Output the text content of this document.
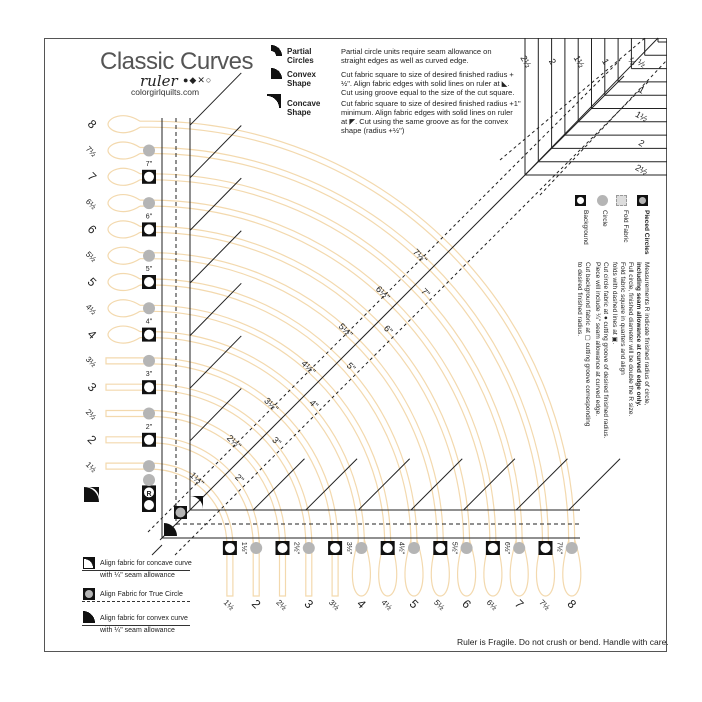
8
7½
7
6½
6
5½
5
4½
4
3½
3
2½
2
1½
1½ 2 2½ 3 3½ 4 4½ 5 5½ 6 6½ 7 7½ 8
7"
6"
5"
4"
3"
2"
R
1½"	2½"	3½"	4½"	5½"	6½"	7½"
1½"
2½"
3½"
4½"
5½"
6½"
7½"
2"
3"
4"
5"
6"
7"
2½ 2 1½ 1 ½
½
1
1½
2
2½
Classic Curves
ruler ●◆✕○
colorgirlquilts.com
Partial Circles
Partial circle units require seam allowance on straight edges as well as curved edge.
Convex Shape
Cut fabric square to size of desired finished radius + ½". Align fabric edges with solid lines on ruler at ◣. Cut using groove equal to the size of the cut square.
Concave Shape
Cut fabric square to size of desired finished radius +1" minimum. Align fabric edges with solid lines on ruler at ◤. Cut using the same groove as for the convex shape (radius +½")
Pieced Circles
Fold Fabric
Circle
Background
Measurements R indicate finished radius of circle,
including seam allowance at curved edge only.
Full circle, finished diameter will be double the R size.
Fold fabric square in quarters and align
folds with dashed lines at ▣.
Cut circle fabric at ● cutting groove of desired finished radius.
Piece will include ¼" seam allowance at curved edge.
Cut background fabric at ▢ cutting groove corresponding
to desired finished radius.
Align fabric for concave curve
with ¼" seam allowance
Align Fabric for True Circle
Align fabric for convex curve
with ¼" seam allowance
Ruler is Fragile. Do not crush or bend. Handle with care.
